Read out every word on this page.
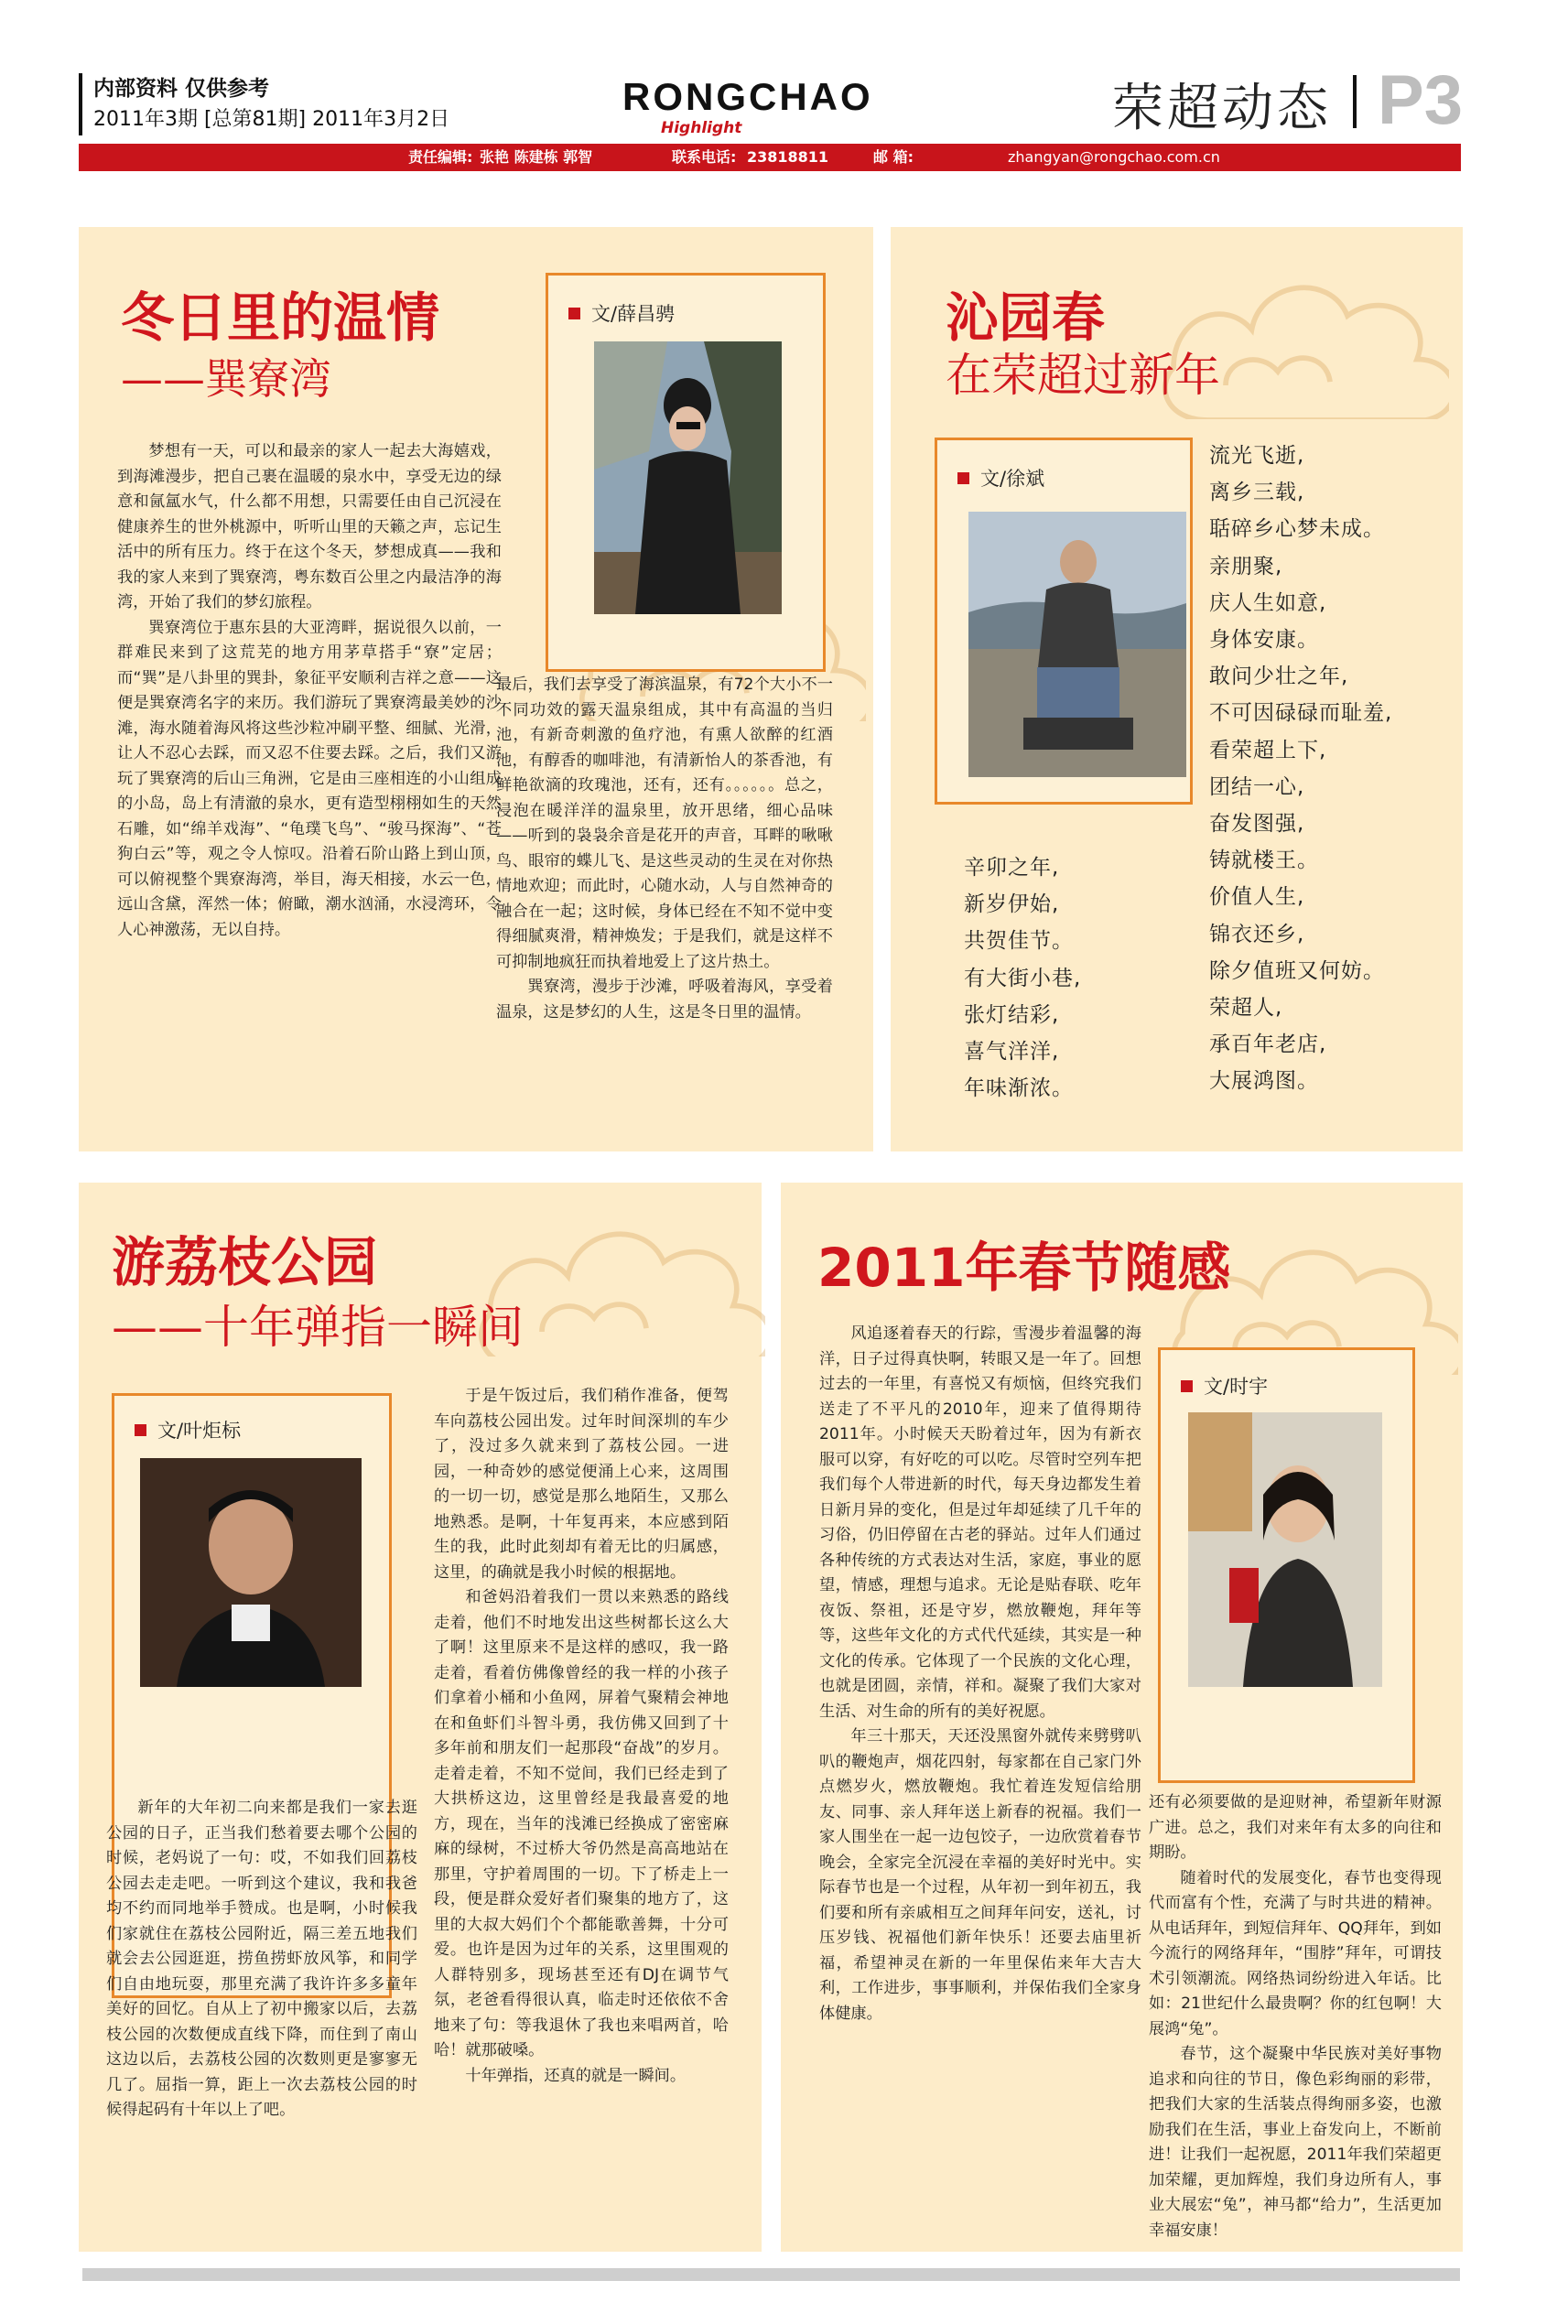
内部资料 仅供参考
2011年3期 [总第81期] 2011年3月2日
RONGCHAO
Highlight	荣超动态 P3
责任编辑: 张艳 陈建栋 郭智	联系电话: 23818811	邮 箱:	zhangyan@rongchao.com.cn
冬日里的温情
——巽寮湾
文/薛昌骋

梦想有一天，可以和最亲的家人一起去大海嬉戏，到海滩漫步，把自己裹在温暖的泉水中，享受无边的绿意和氤氲水气，什么都不用想，只需要任由自己沉浸在健康养生的世外桃源中，听听山里的天籁之声，忘记生活中的所有压力。终于在这个冬天，梦想成真——我和我的家人来到了巽寮湾，粤东数百公里之内最洁净的海湾，开始了我们的梦幻旅程。

巽寮湾位于惠东县的大亚湾畔，据说很久以前，一群难民来到了这荒芜的地方用茅草搭手“寮”定居；而“巽”是八卦里的巽卦，象征平安顺利吉祥之意——这便是巽寮湾名字的来历。我们游玩了巽寮湾最美妙的沙滩，海水随着海风将这些沙粒冲刷平整、细腻、光滑，让人不忍心去踩，而又忍不住要去踩。之后，我们又游玩了巽寮湾的后山三角洲，它是由三座相连的小山组成的小岛，岛上有清澈的泉水，更有造型栩栩如生的天然石雕，如“绵羊戏海”、“龟璞飞鸟”、“骏马探海”、“苍狗白云”等，观之令人惊叹。沿着石阶山路上到山顶，可以俯视整个巽寮海湾，举目，海天相接，水云一色，远山含黛，浑然一体；俯瞰，潮水汹涌，水浸湾环，令人心神激荡，无以自持。

最后，我们去享受了海滨温泉，有72个大小不一不同功效的露天温泉组成，其中有高温的当归池，有新奇刺激的鱼疗池，有熏人欲醉的红酒池，有醇香的咖啡池，有清新怡人的茶香池，有鲜艳欲滴的玫瑰池，还有，还有。。。。。。总之，浸泡在暖洋洋的温泉里，放开思绪，细心品味——听到的袅袅余音是花开的声音，耳畔的啾啾鸟、眼帘的蝶儿飞、是这些灵动的生灵在对你热情地欢迎；而此时，心随水动，人与自然神奇的融合在一起；这时候，身体已经在不知不觉中变得细腻爽滑，精神焕发；于是我们，就是这样不可抑制地疯狂而执着地爱上了这片热土。

巽寮湾，漫步于沙滩，呼吸着海风，享受着温泉，这是梦幻的人生，这是冬日里的温情。

沁园春
在荣超过新年
文/徐斌
流光飞逝,
离乡三载,
聒碎乡心梦未成。
亲朋聚,
庆人生如意,
身体安康。
敢问少壮之年,
不可因碌碌而耻羞,
看荣超上下,
团结一心,
奋发图强,
铸就楼王。
价值人生,
锦衣还乡,
除夕值班又何妨。
荣超人,
承百年老店,
大展鸿图。
辛卯之年,
新岁伊始,
共贺佳节。
有大街小巷,
张灯结彩,
喜气洋洋,
年味渐浓。
游荔枝公园
——十年弹指一瞬间
文/叶炬标

新年的大年初二向来都是我们一家去逛公园的日子，正当我们愁着要去哪个公园的时候，老妈说了一句：哎，不如我们回荔枝公园去走走吧。一听到这个建议，我和我爸均不约而同地举手赞成。也是啊，小时候我们家就住在荔枝公园附近，隔三差五地我们就会去公园逛逛，捞鱼捞虾放风筝，和同学们自由地玩耍，那里充满了我许许多多童年美好的回忆。自从上了初中搬家以后，去荔枝公园的次数便成直线下降，而住到了南山这边以后，去荔枝公园的次数则更是寥寥无几了。屈指一算，距上一次去荔枝公园的时候得起码有十年以上了吧。

于是午饭过后，我们稍作准备，便驾车向荔枝公园出发。过年时间深圳的车少了，没过多久就来到了荔枝公园。一进园，一种奇妙的感觉便涌上心来，这周围的一切一切，感觉是那么地陌生，又那么地熟悉。是啊，十年复再来，本应感到陌生的我，此时此刻却有着无比的归属感，这里，的确就是我小时候的根据地。

和爸妈沿着我们一贯以来熟悉的路线走着，他们不时地发出这些树都长这么大了啊！这里原来不是这样的感叹，我一路走着，看着仿佛像曾经的我一样的小孩子们拿着小桶和小鱼网，屏着气聚精会神地在和鱼虾们斗智斗勇，我仿佛又回到了十多年前和朋友们一起那段“奋战”的岁月。走着走着，不知不觉间，我们已经走到了大拱桥这边，这里曾经是我最喜爱的地方，现在，当年的浅滩已经换成了密密麻麻的绿树，不过桥大爷仍然是高高地站在那里，守护着周围的一切。下了桥走上一段，便是群众爱好者们聚集的地方了，这里的大叔大妈们个个都能歌善舞，十分可爱。也许是因为过年的关系，这里围观的人群特别多，现场甚至还有DJ在调节气氛，老爸看得很认真，临走时还依依不舍地来了句：等我退休了我也来唱两首，哈哈！就那破嗓。

十年弹指，还真的就是一瞬间。

2011年春节随感
文/时宇

风追逐着春天的行踪，雪漫步着温馨的海洋，日子过得真快啊，转眼又是一年了。回想过去的一年里，有喜悦又有烦恼，但终究我们送走了不平凡的2010年，迎来了值得期待2011年。小时候天天盼着过年，因为有新衣服可以穿，有好吃的可以吃。尽管时空列车把我们每个人带进新的时代，每天身边都发生着日新月异的变化，但是过年却延续了几千年的习俗，仍旧停留在古老的驿站。过年人们通过各种传统的方式表达对生活，家庭，事业的愿望，情感，理想与追求。无论是贴春联、吃年夜饭、祭祖，还是守岁，燃放鞭炮，拜年等等，这些年文化的方式代代延续，其实是一种文化的传承。它体现了一个民族的文化心理，也就是团圆，亲情，祥和。凝聚了我们大家对生活、对生命的所有的美好祝愿。

年三十那天，天还没黑窗外就传来劈劈叭叭的鞭炮声，烟花四射，每家都在自己家门外点燃岁火，燃放鞭炮。我忙着连发短信给朋友、同事、亲人拜年送上新春的祝福。我们一家人围坐在一起一边包饺子，一边欣赏着春节晚会，全家完全沉浸在幸福的美好时光中。实际春节也是一个过程，从年初一到年初五，我们要和所有亲戚相互之间拜年问安，送礼，讨压岁钱、祝福他们新年快乐！还要去庙里祈福，希望神灵在新的一年里保佑来年大吉大利，工作进步，事事顺利，并保佑我们全家身体健康。

还有必须要做的是迎财神，希望新年财源广进。总之，我们对来年有太多的向往和期盼。

随着时代的发展变化，春节也变得现代而富有个性，充满了与时共进的精神。从电话拜年，到短信拜年、QQ拜年，到如今流行的网络拜年，“围脖”拜年，可谓技术引领潮流。网络热词纷纷进入年话。比如：21世纪什么最贵啊？你的红包啊！大展鸿“兔”。

春节，这个凝聚中华民族对美好事物追求和向往的节日，像色彩绚丽的彩带，把我们大家的生活装点得绚丽多姿，也激励我们在生活，事业上奋发向上，不断前进！让我们一起祝愿，2011年我们荣超更加荣耀，更加辉煌，我们身边所有人，事业大展宏“兔”，神马都“给力”，生活更加幸福安康！
